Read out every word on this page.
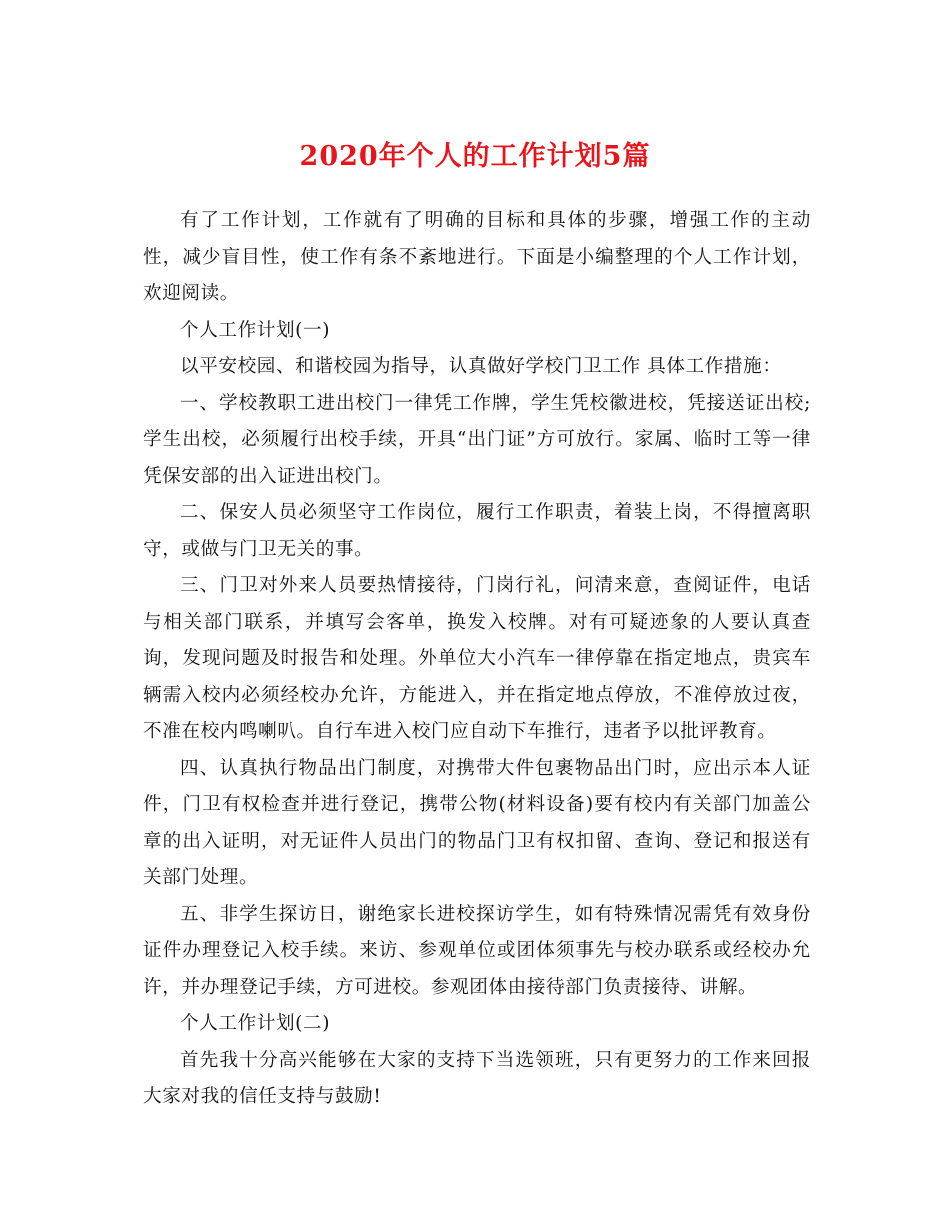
2020年个人的工作计划5篇

有了工作计划，工作就有了明确的目标和具体的步骤，增强工作的主动性，减少盲目性，使工作有条不紊地进行。下面是小编整理的个人工作计划，欢迎阅读。

个人工作计划(一)

以平安校园、和谐校园为指导，认真做好学校门卫工作 具体工作措施：

一、学校教职工进出校门一律凭工作牌，学生凭校徽进校，凭接送证出校;学生出校，必须履行出校手续，开具“出门证”方可放行。家属、临时工等一律凭保安部的出入证进出校门。

二、保安人员必须坚守工作岗位，履行工作职责，着装上岗，不得擅离职守，或做与门卫无关的事。

三、门卫对外来人员要热情接待，门岗行礼，问清来意，查阅证件，电话与相关部门联系，并填写会客单，换发入校牌。对有可疑迹象的人要认真查询，发现问题及时报告和处理。外单位大小汽车一律停靠在指定地点，贵宾车辆需入校内必须经校办允许，方能进入，并在指定地点停放，不准停放过夜，不准在校内鸣喇叭。自行车进入校门应自动下车推行，违者予以批评教育。

四、认真执行物品出门制度，对携带大件包裹物品出门时，应出示本人证件，门卫有权检查并进行登记，携带公物(材料设备)要有校内有关部门加盖公章的出入证明，对无证件人员出门的物品门卫有权扣留、查询、登记和报送有关部门处理。

五、非学生探访日，谢绝家长进校探访学生，如有特殊情况需凭有效身份证件办理登记入校手续。来访、参观单位或团体须事先与校办联系或经校办允许，并办理登记手续，方可进校。参观团体由接待部门负责接待、讲解。

个人工作计划(二)

首先我十分高兴能够在大家的支持下当选领班，只有更努力的工作来回报大家对我的信任支持与鼓励!
